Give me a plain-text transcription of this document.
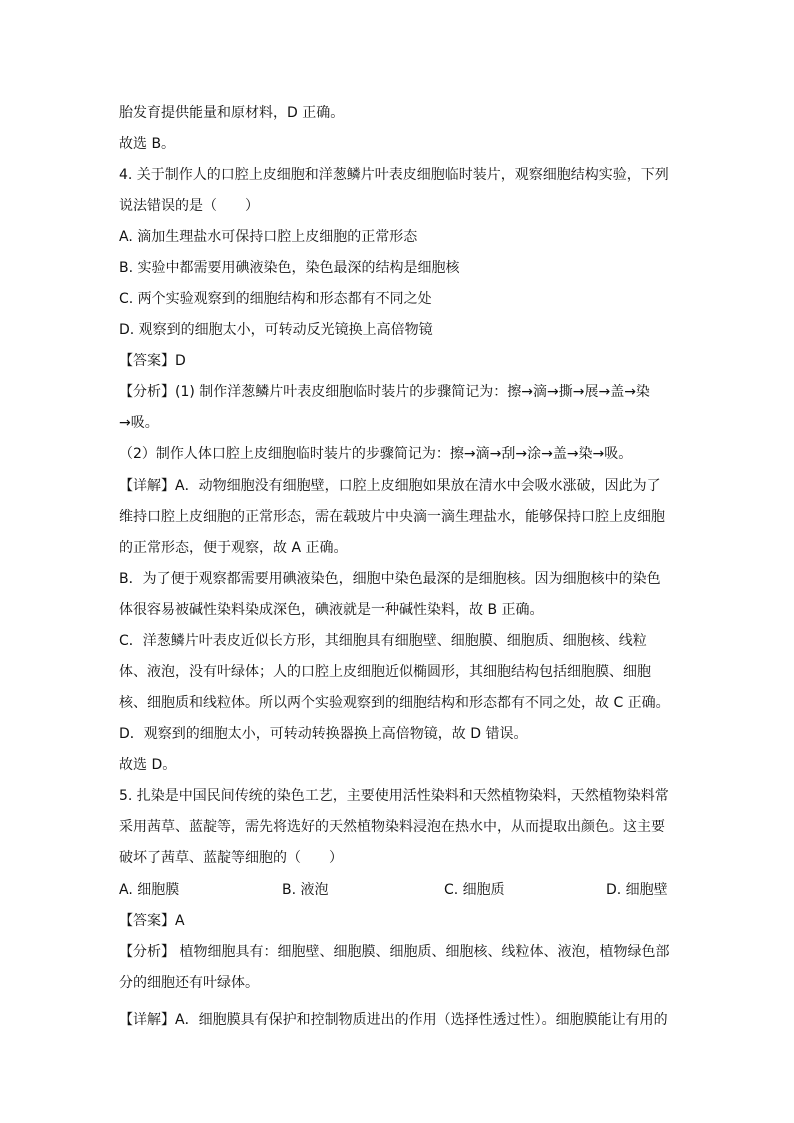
胎发育提供能量和原材料，D 正确。
故选 B。
4. 关于制作人的口腔上皮细胞和洋葱鳞片叶表皮细胞临时装片，观察细胞结构实验，下列
说法错误的是（　　）
A. 滴加生理盐水可保持口腔上皮细胞的正常形态
B. 实验中都需要用碘液染色，染色最深的结构是细胞核
C. 两个实验观察到的细胞结构和形态都有不同之处
D. 观察到的细胞太小，可转动反光镜换上高倍物镜
【答案】D
【分析】(1) 制作洋葱鳞片叶表皮细胞临时装片的步骤简记为：擦→滴→撕→展→盖→染
→吸。
（2）制作人体口腔上皮细胞临时装片的步骤简记为：擦→滴→刮→涂→盖→染→吸。
【详解】A．动物细胞没有细胞壁，口腔上皮细胞如果放在清水中会吸水涨破，因此为了
维持口腔上皮细胞的正常形态，需在载玻片中央滴一滴生理盐水，能够保持口腔上皮细胞
的正常形态，便于观察，故 A 正确。
B．为了便于观察都需要用碘液染色，细胞中染色最深的是细胞核。因为细胞核中的染色
体很容易被碱性染料染成深色，碘液就是一种碱性染料，故 B 正确。
C．洋葱鳞片叶表皮近似长方形，其细胞具有细胞壁、细胞膜、细胞质、细胞核、线粒
体、液泡，没有叶绿体；人的口腔上皮细胞近似椭圆形，其细胞结构包括细胞膜、细胞
核、细胞质和线粒体。所以两个实验观察到的细胞结构和形态都有不同之处，故 C 正确。
D．观察到的细胞太小，可转动转换器换上高倍物镜，故 D 错误。
故选 D。
5. 扎染是中国民间传统的染色工艺，主要使用活性染料和天然植物染料，天然植物染料常
采用茜草、蓝靛等，需先将选好的天然植物染料浸泡在热水中，从而提取出颜色。这主要
破坏了茜草、蓝靛等细胞的（　　）
A. 细胞膜	B. 液泡	C. 细胞质	D. 细胞壁
【答案】A
【分析】 植物细胞具有：细胞壁、细胞膜、细胞质、细胞核、线粒体、液泡，植物绿色部
分的细胞还有叶绿体。
【详解】A．细胞膜具有保护和控制物质进出的作用（选择性透过性）。细胞膜能让有用的
